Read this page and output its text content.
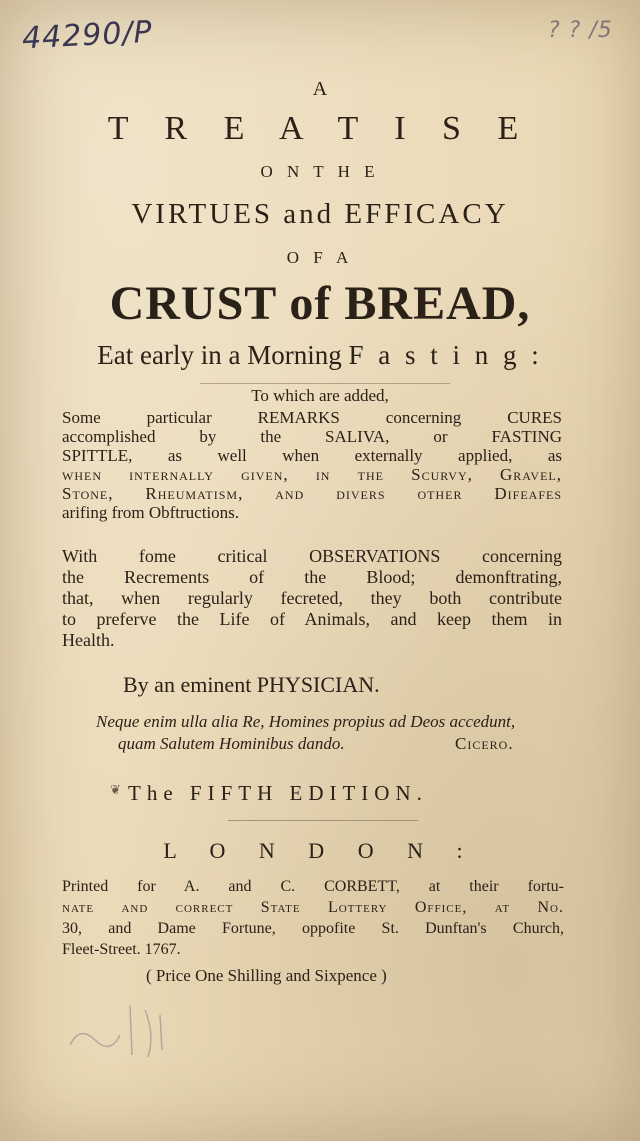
44290/P	? ? /5
A
T R E A T I S E
O N T H E
VIRTUES and EFFICACY
O F A
CRUST of BREAD,
Eat early in a Morning F a s t i n g :
To which are added,
Some particular REMARKS concerning CURES
accomplished by the SALIVA, or FASTING
SPITTLE, as well when externally applied, as
when internally given, in the Scurvy, Gravel,
Stone, Rheumatism, and divers other Difeafes
arifing from Obftructions.
With fome critical OBSERVATIONS concerning
the Recrements of the Blood; demonftrating,
that, when regularly fecreted, they both contribute
to preferve the Life of Animals, and keep them in
Health.
By an eminent PHYSICIAN.
Neque enim ulla alia Re, Homines propius ad Deos accedunt,
quam Salutem Hominibus dando.	Cicero.
❦ The FIFTH EDITION.
L O N D O N :
Printed for A. and C. CORBETT, at their fortu-
nate and correct State Lottery Office, at No.
30, and Dame Fortune, oppofite St. Dunftan's Church,
Fleet-Street. 1767.
( Price One Shilling and Sixpence )
